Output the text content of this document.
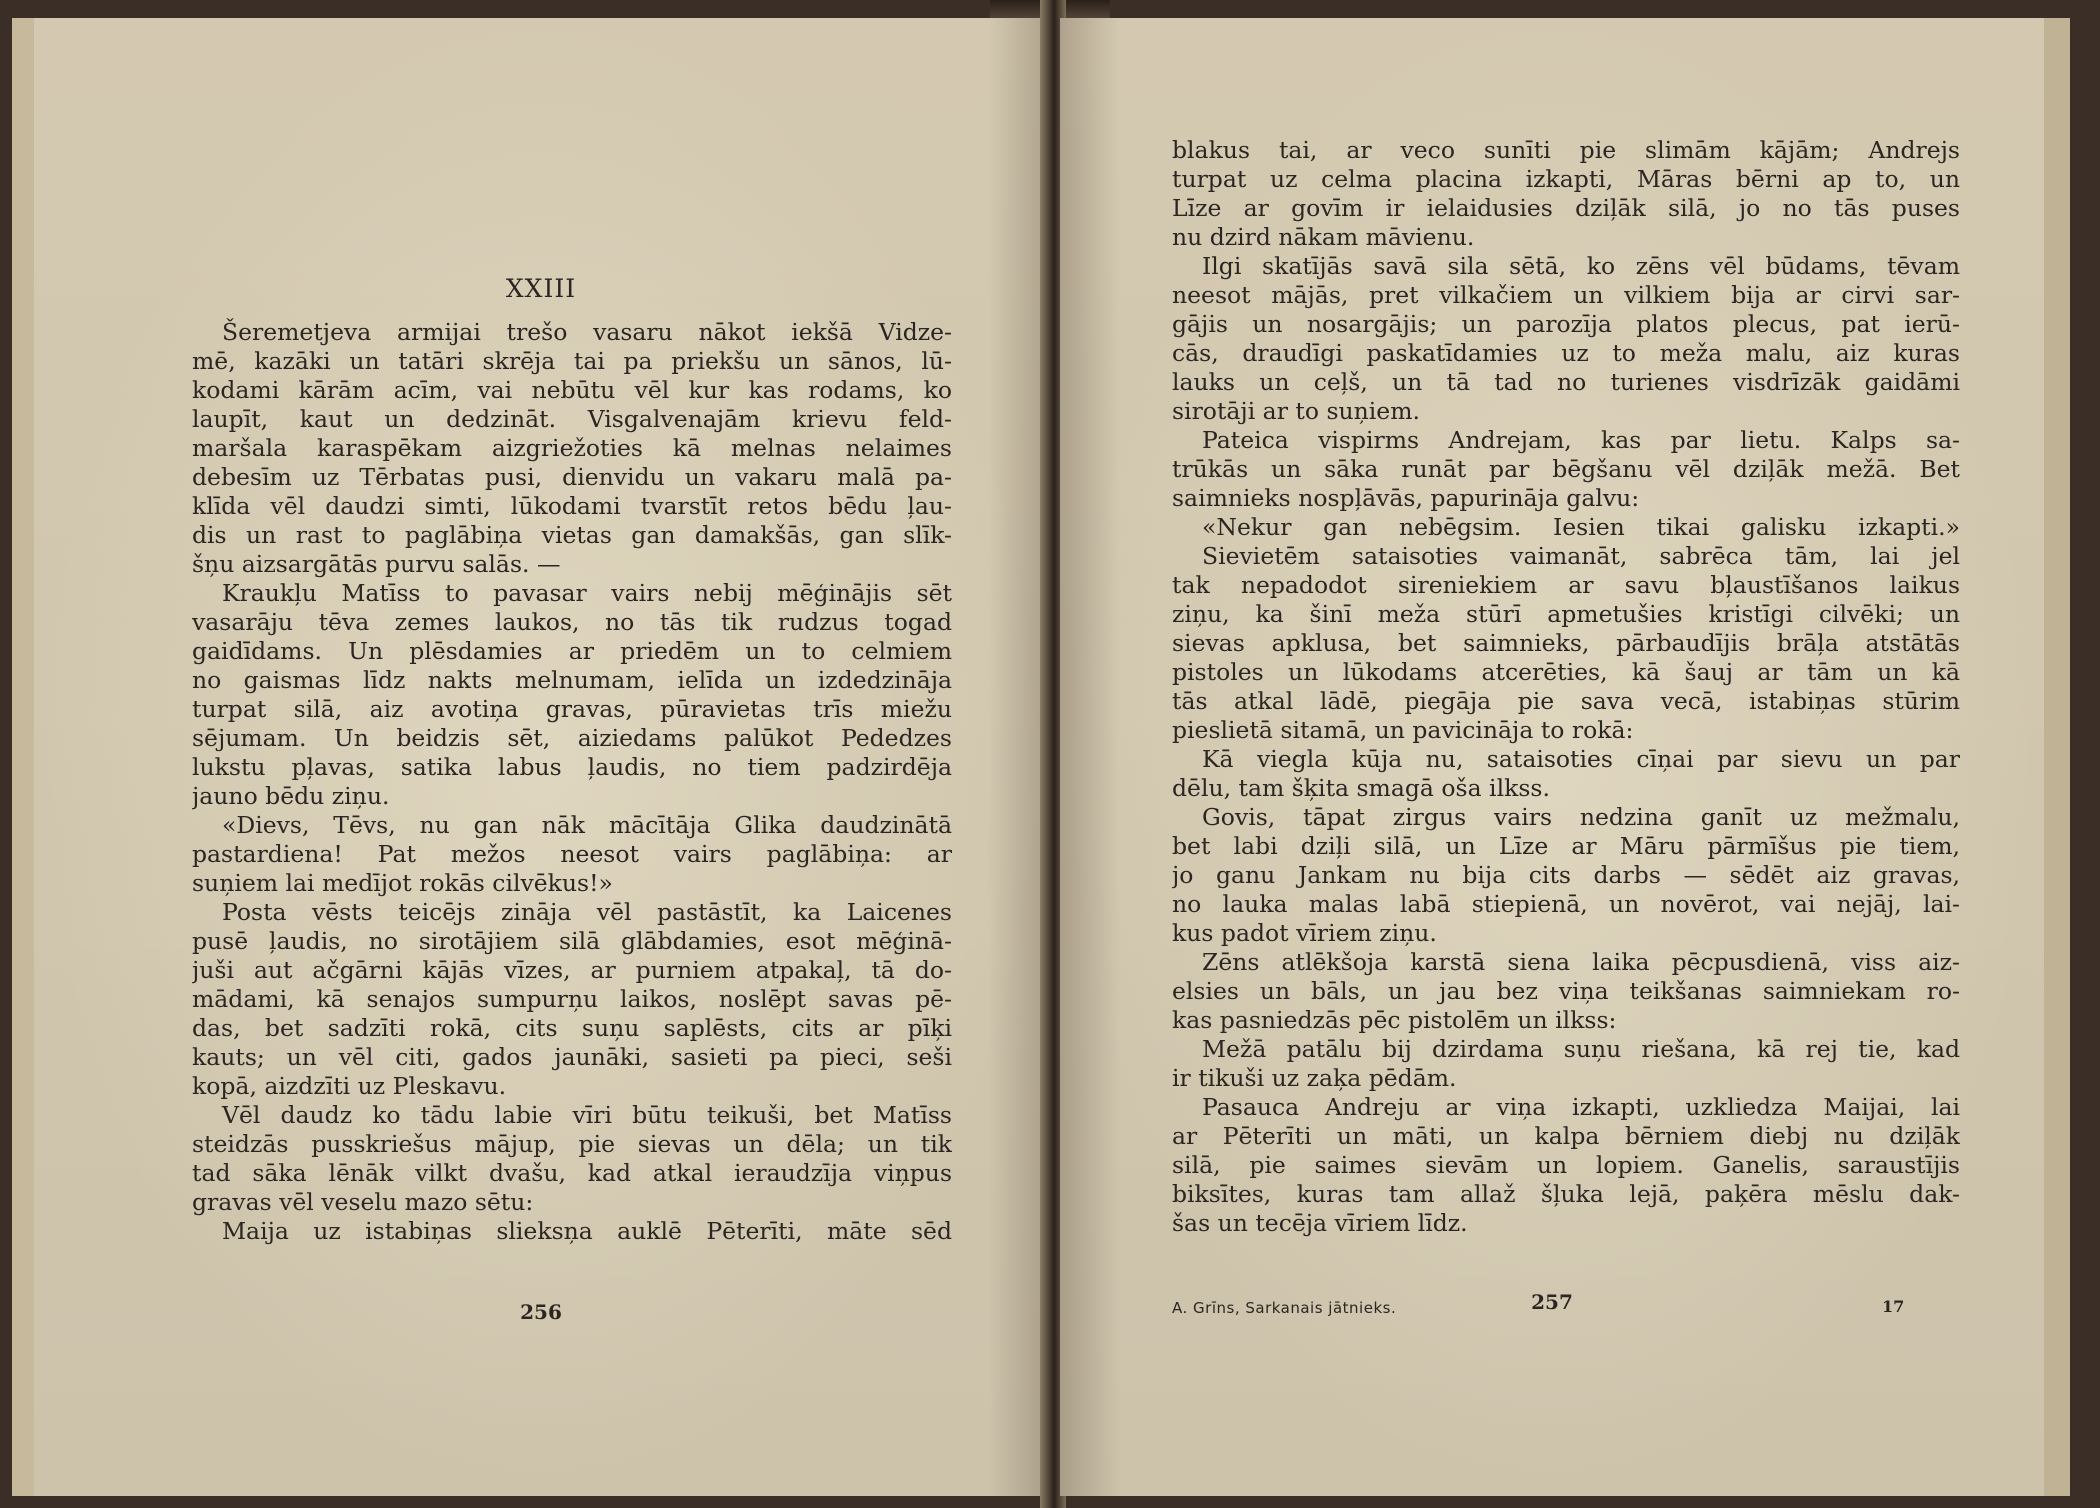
XXIII
Šeremetjeva armijai trešo vasaru nākot iekšā Vidze-
mē, kazāki un tatāri skrēja tai pa priekšu un sānos, lū-
kodami kārām acīm, vai nebūtu vēl kur kas rodams, ko
laupīt, kaut un dedzināt. Visgalvenajām krievu feld-
maršala karaspēkam aizgriežoties kā melnas nelaimes
debesīm uz Tērbatas pusi, dienvidu un vakaru malā pa-
klīda vēl daudzi simti, lūkodami tvarstīt retos bēdu ļau-
dis un rast to paglābiņa vietas gan damakšās, gan slīk-
šņu aizsargātās purvu salās. —
Kraukļu Matīss to pavasar vairs nebij mēģinājis sēt
vasarāju tēva zemes laukos, no tās tik rudzus togad
gaidīdams. Un plēsdamies ar priedēm un to celmiem
no gaismas līdz nakts melnumam, ielīda un izdedzināja
turpat silā, aiz avotiņa gravas, pūravietas trīs miežu
sējumam. Un beidzis sēt, aiziedams palūkot Pededzes
lukstu pļavas, satika labus ļaudis, no tiem padzirdēja
jauno bēdu ziņu.
«Dievs, Tēvs, nu gan nāk mācītāja Glika daudzinātā
pastardiena! Pat mežos neesot vairs paglābiņa: ar
suņiem lai medījot rokās cilvēkus!»
Posta vēsts teicējs zināja vēl pastāstīt, ka Laicenes
pusē ļaudis, no sirotājiem silā glābdamies, esot mēģinā-
juši aut ačgārni kājās vīzes, ar purniem atpakaļ, tā do-
mādami, kā senajos sumpurņu laikos, noslēpt savas pē-
das, bet sadzīti rokā, cits suņu saplēsts, cits ar pīķi
kauts; un vēl citi, gados jaunāki, sasieti pa pieci, seši
kopā, aizdzīti uz Pleskavu.
Vēl daudz ko tādu labie vīri būtu teikuši, bet Matīss
steidzās pusskriešus mājup, pie sievas un dēla; un tik
tad sāka lēnāk vilkt dvašu, kad atkal ieraudzīja viņpus
gravas vēl veselu mazo sētu:
Maija uz istabiņas slieksņa auklē Pēterīti, māte sēd
256
blakus tai, ar veco sunīti pie slimām kājām; Andrejs
turpat uz celma placina izkapti, Māras bērni ap to, un
Līze ar govīm ir ielaidusies dziļāk silā, jo no tās puses
nu dzird nākam māvienu.
Ilgi skatījās savā sila sētā, ko zēns vēl būdams, tēvam
neesot mājās, pret vilkačiem un vilkiem bija ar cirvi sar-
gājis un nosargājis; un parozīja platos plecus, pat ierū-
cās, draudīgi paskatīdamies uz to meža malu, aiz kuras
lauks un ceļš, un tā tad no turienes visdrīzāk gaidāmi
sirotāji ar to suņiem.
Pateica vispirms Andrejam, kas par lietu. Kalps sa-
trūkās un sāka runāt par bēgšanu vēl dziļāk mežā. Bet
saimnieks nospļāvās, papurināja galvu:
«Nekur gan nebēgsim. Iesien tikai galisku izkapti.»
Sievietēm sataisoties vaimanāt, sabrēca tām, lai jel
tak nepadodot sireniekiem ar savu bļaustīšanos laikus
ziņu, ka šinī meža stūrī apmetušies kristīgi cilvēki; un
sievas apklusa, bet saimnieks, pārbaudījis brāļa atstātās
pistoles un lūkodams atcerēties, kā šauj ar tām un kā
tās atkal lādē, piegāja pie sava vecā, istabiņas stūrim
pieslietā sitamā, un pavicināja to rokā:
Kā viegla kūja nu, sataisoties cīņai par sievu un par
dēlu, tam šķita smagā oša ilkss.
Govis, tāpat zirgus vairs nedzina ganīt uz mežmalu,
bet labi dziļi silā, un Līze ar Māru pārmīšus pie tiem,
jo ganu Jankam nu bija cits darbs — sēdēt aiz gravas,
no lauka malas labā stiepienā, un novērot, vai nejāj, lai-
kus padot vīriem ziņu.
Zēns atlēkšoja karstā siena laika pēcpusdienā, viss aiz-
elsies un bāls, un jau bez viņa teikšanas saimniekam ro-
kas pasniedzās pēc pistolēm un ilkss:
Mežā patālu bij dzirdama suņu riešana, kā rej tie, kad
ir tikuši uz zaķa pēdām.
Pasauca Andreju ar viņa izkapti, uzkliedza Maijai, lai
ar Pēterīti un māti, un kalpa bērniem diebj nu dziļāk
silā, pie saimes sievām un lopiem. Ganelis, saraustījis
biksītes, kuras tam allaž šļuka lejā, paķēra mēslu dak-
šas un tecēja vīriem līdz.
A. Grīns, Sarkanais jātnieks.	257	17
